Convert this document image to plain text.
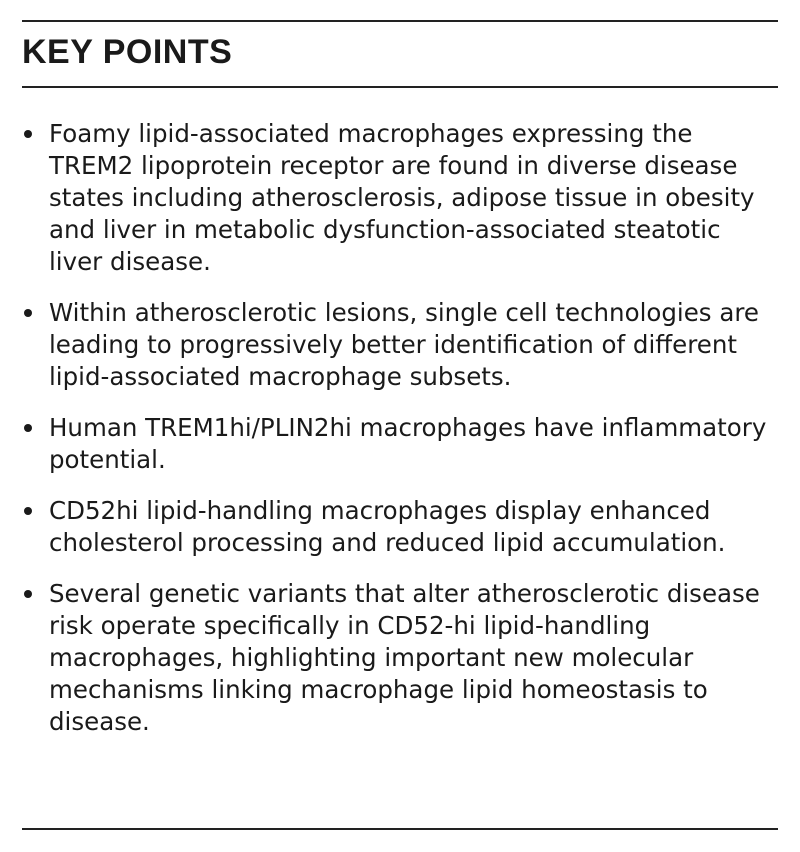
KEY POINTS
Foamy lipid-associated macrophages expressing the TREM2 lipoprotein receptor are found in diverse disease states including atherosclerosis, adipose tissue in obesity and liver in metabolic dysfunction-associated steatotic liver disease.
Within atherosclerotic lesions, single cell technologies are leading to progressively better identification of different lipid-associated macrophage subsets.
Human TREM1hi/PLIN2hi macrophages have inflammatory potential.
CD52hi lipid-handling macrophages display enhanced cholesterol processing and reduced lipid accumulation.
Several genetic variants that alter atherosclerotic disease risk operate specifically in CD52-hi lipid-handling macrophages, highlighting important new molecular mechanisms linking macrophage lipid homeostasis to disease.
